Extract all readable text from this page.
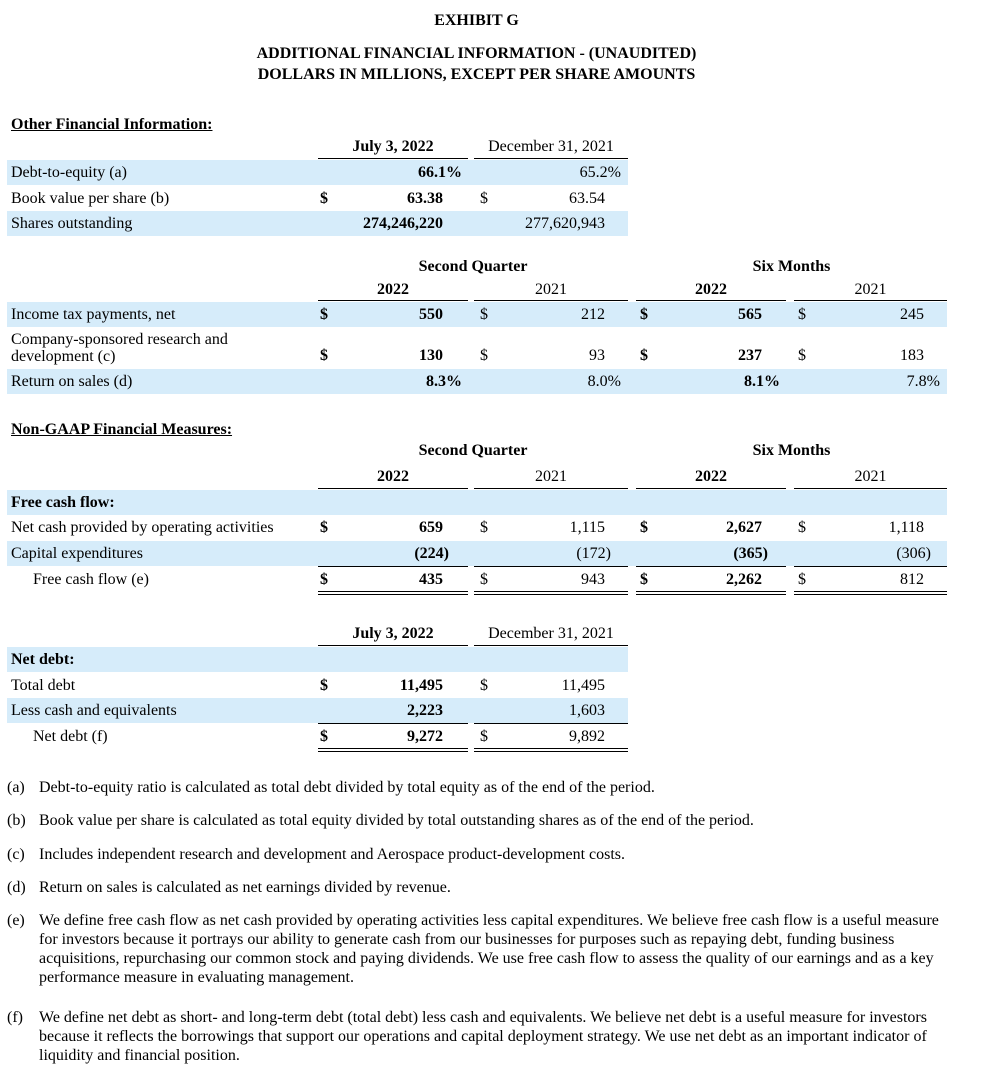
EXHIBIT G
ADDITIONAL FINANCIAL INFORMATION - (UNAUDITED)
DOLLARS IN MILLIONS, EXCEPT PER SHARE AMOUNTS
Other Financial Information:
July 3, 2022	December 31, 2021
Debt-to-equity (a)	66.1%	65.2%
Book value per share (b)	$	63.38 $	63.54
Shares outstanding	274,246,220	277,620,943
Second Quarter	Six Months
2022	2021	2022	2021
Income tax payments, net	$	550 $	212 $	565 $	245
Company-sponsored research and
development (c)	$	130 $	93 $	237 $	183
Return on sales (d)	8.3%	8.0%	8.1%	7.8%
Non-GAAP Financial Measures:
Second Quarter	Six Months
2022	2021	2022	2021
Free cash flow:
Net cash provided by operating activities	$	659 $	1,115 $	2,627 $	1,118
Capital expenditures	(224)	(172)	(365)	(306)
Free cash flow (e)	$	435 $	943 $	2,262 $	812
July 3, 2022	December 31, 2021
Net debt:
Total debt	$	11,495 $	11,495
Less cash and equivalents	2,223	1,603
Net debt (f)	$	9,272 $	9,892
(a) Debt-to-equity ratio is calculated as total debt divided by total equity as of the end of the period.
(b) Book value per share is calculated as total equity divided by total outstanding shares as of the end of the period.
(c) Includes independent research and development and Aerospace product-development costs.
(d) Return on sales is calculated as net earnings divided by revenue.
(e) We define free cash flow as net cash provided by operating activities less capital expenditures. We believe free cash flow is a useful measure for investors because it portrays our ability to generate cash from our businesses for purposes such as repaying debt, funding business acquisitions, repurchasing our common stock and paying dividends. We use free cash flow to assess the quality of our earnings and as a key performance measure in evaluating management.
(f) We define net debt as short- and long-term debt (total debt) less cash and equivalents. We believe net debt is a useful measure for investors because it reflects the borrowings that support our operations and capital deployment strategy. We use net debt as an important indicator of liquidity and financial position.
